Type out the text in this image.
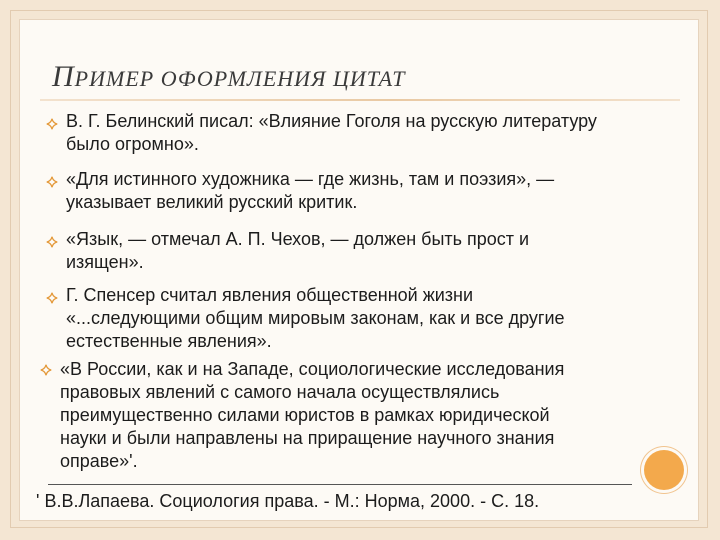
ПРИМЕР ОФОРМЛЕНИЯ ЦИТАТ
В. Г. Белинский писал: «Влияние Гоголя на русскую литературу
было огромно».
«Для истинного художника — где жизнь, там и поэзия», —
указывает великий русский критик.
«Язык, — отмечал А. П. Чехов, — должен быть прост и
изящен».
Г. Спенсер считал явления общественной жизни
«...следующими общим мировым законам, как и все другие
естественные явления».
«В России, как и на Западе, социологические исследования
правовых явлений с самого начала осуществлялись
преимущественно силами юристов в рамках юридической
науки и были направлены на приращение научного знания
оправе»'.
' В.В.Лапаева. Социология права. - М.: Норма, 2000. - С. 18.
